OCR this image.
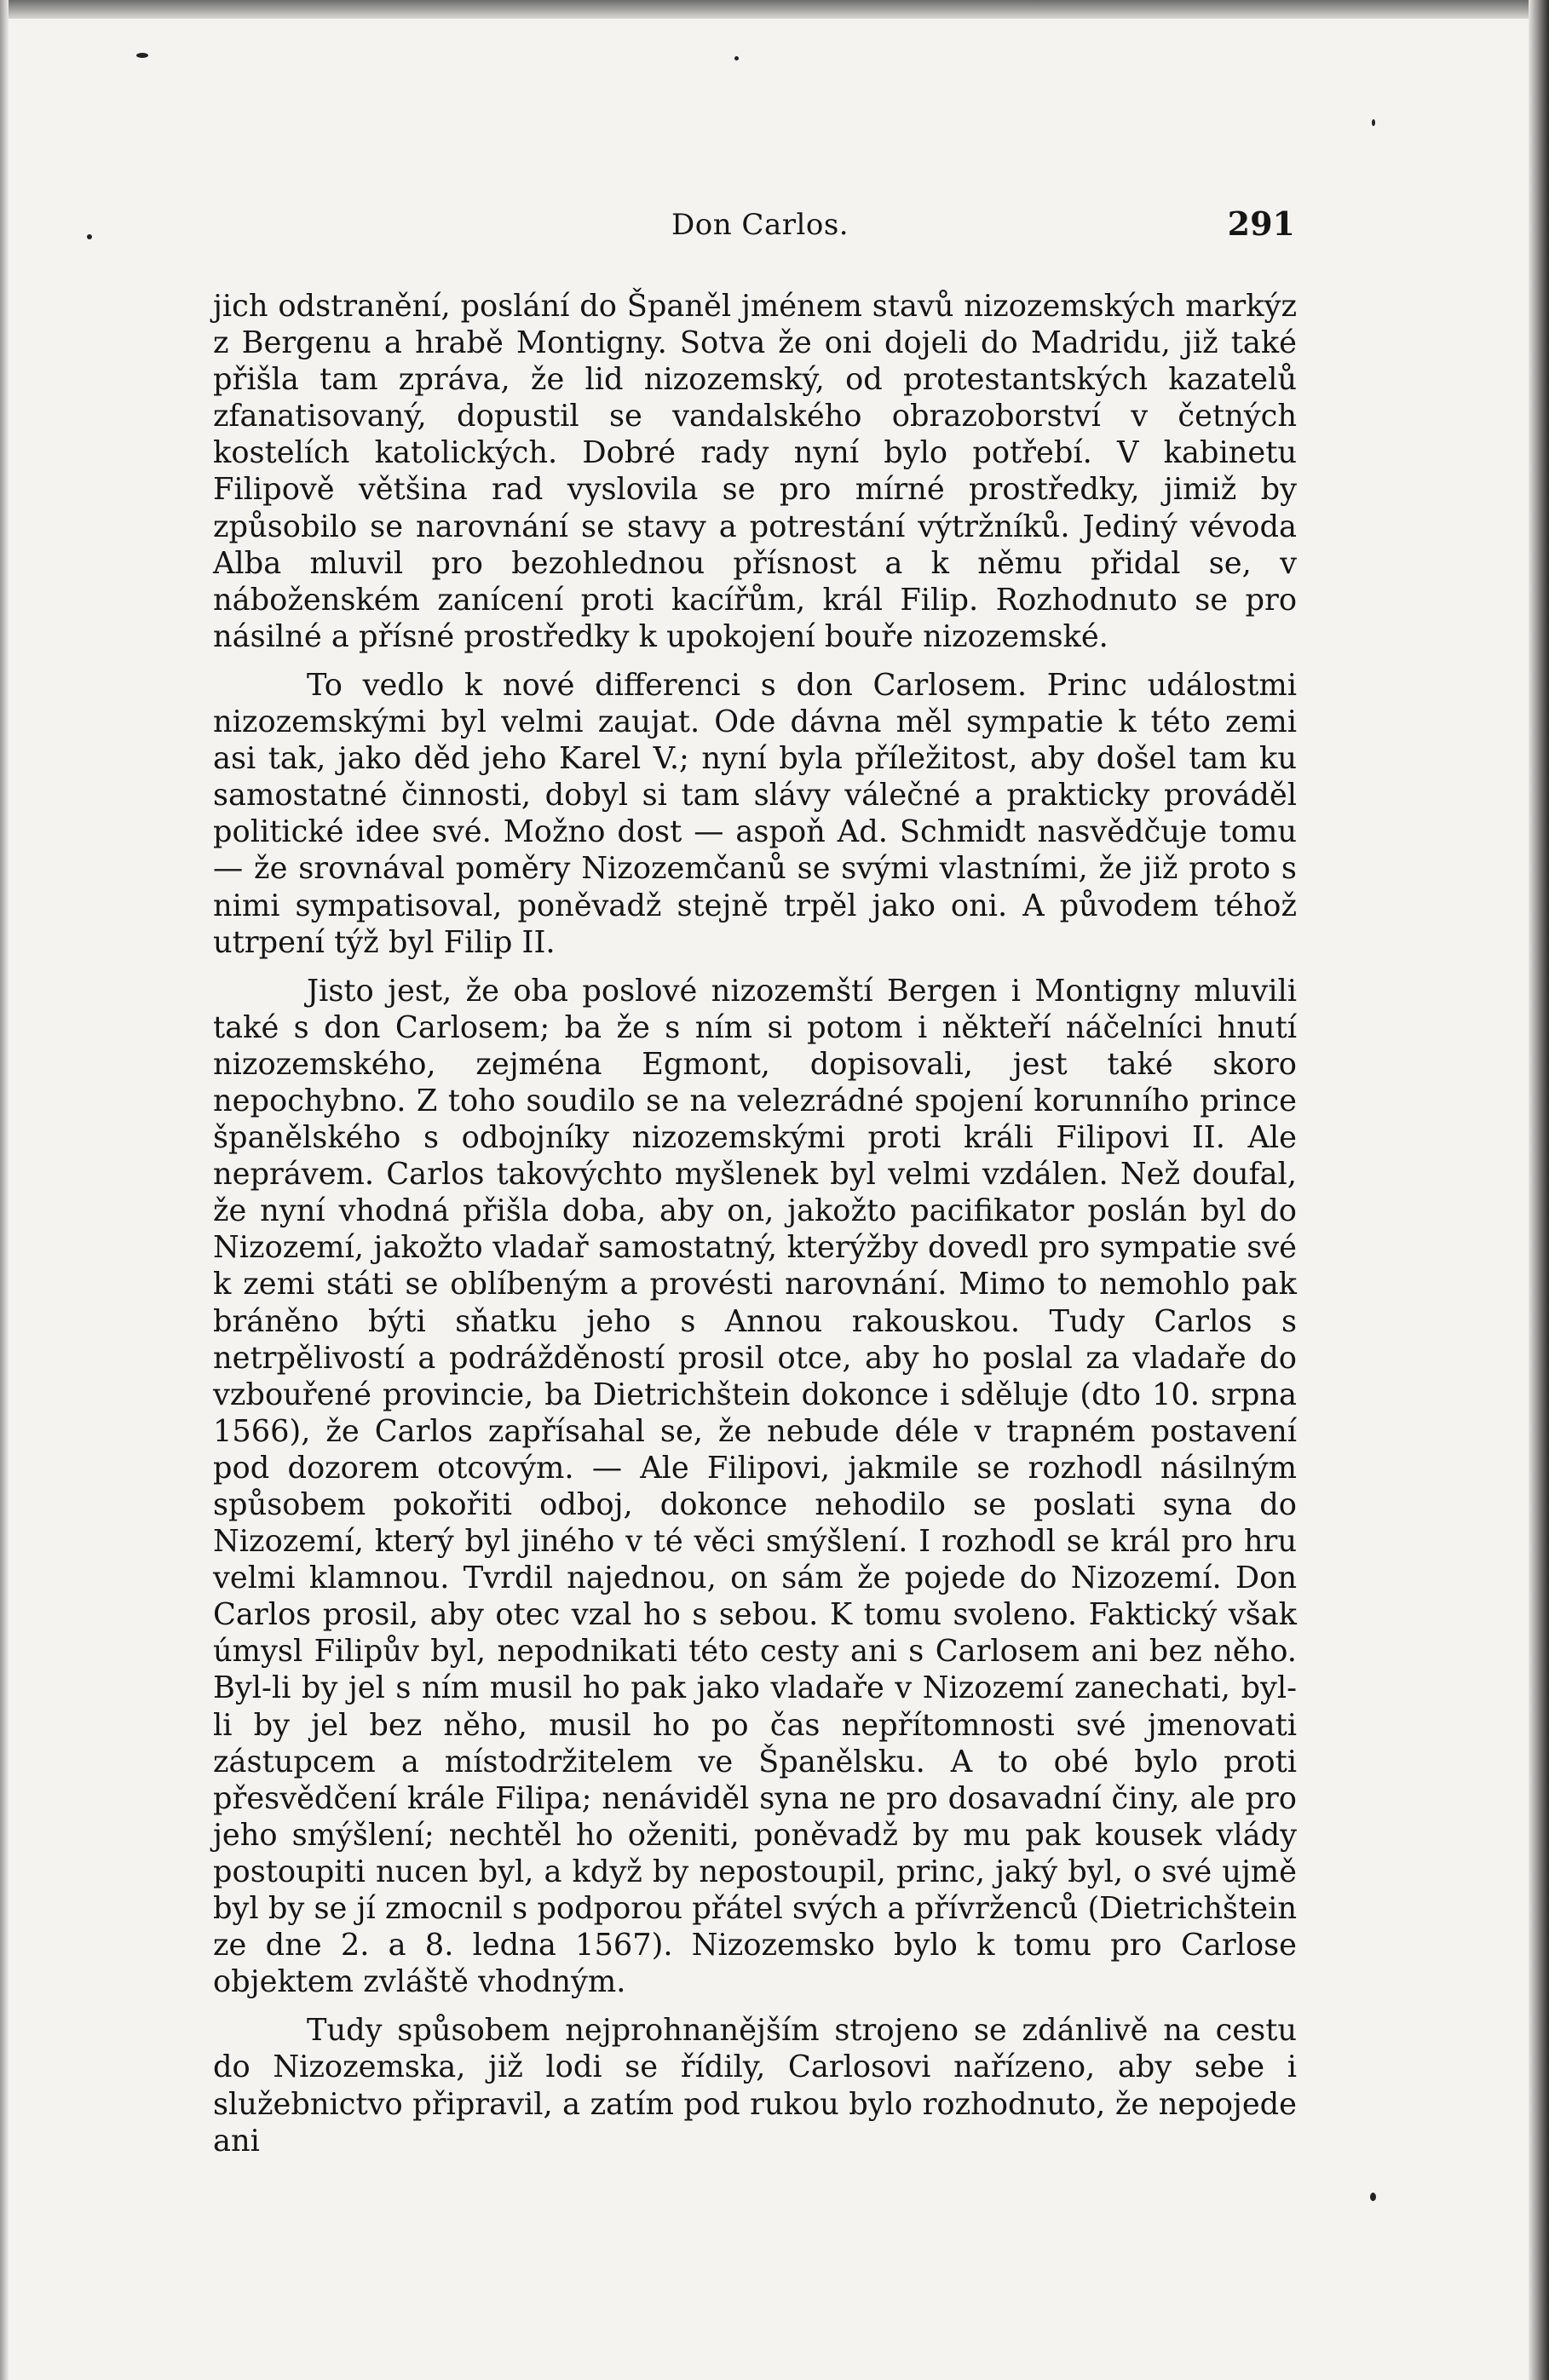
Don Carlos.	291

jich odstranění, poslání do Španěl jménem stavů nizozemských markýz z Bergenu a hrabě Montigny. Sotva že oni dojeli do Madridu, již také přišla tam zpráva, že lid nizozemský, od protestantských kazatelů zfanatisovaný, dopustil se vandalského obrazoborství v četných kostelích katolických. Dobré rady nyní bylo potřebí. V kabinetu Filipově většina rad vyslovila se pro mírné prostředky, jimiž by způsobilo se narovnání se stavy a potrestání výtržníků. Jediný vévoda Alba mluvil pro bezohlednou přísnost a k němu přidal se, v náboženském zanícení proti kacířům, král Filip. Rozhodnuto se pro násilné a přísné prostředky k upokojení bouře nizozemské.

To vedlo k nové differenci s don Carlosem. Princ událostmi nizozemskými byl velmi zaujat. Ode dávna měl sympatie k této zemi asi tak, jako děd jeho Karel V.; nyní byla příležitost, aby došel tam ku samostatné činnosti, dobyl si tam slávy válečné a prakticky prováděl politické idee své. Možno dost — aspoň Ad. Schmidt nasvědčuje tomu — že srovnával poměry Nizozemčanů se svými vlastními, že již proto s nimi sympatisoval, poněvadž stejně trpěl jako oni. A původem téhož utrpení týž byl Filip II.

Jisto jest, že oba poslové nizozemští Bergen i Montigny mluvili také s don Carlosem; ba že s ním si potom i někteří náčelníci hnutí nizozemského, zejména Egmont, dopisovali, jest také skoro nepochybno. Z toho soudilo se na velezrádné spojení korunního prince španělského s odbojníky nizozemskými proti králi Filipovi II. Ale neprávem. Carlos takovýchto myšlenek byl velmi vzdálen. Než doufal, že nyní vhodná přišla doba, aby on, jakožto pacifikator poslán byl do Nizozemí, jakožto vladař samostatný, kterýžby dovedl pro sympatie své k zemi státi se oblíbeným a provésti narovnání. Mimo to nemohlo pak bráněno býti sňatku jeho s Annou rakouskou. Tudy Carlos s netrpělivostí a podrážděností prosil otce, aby ho poslal za vladaře do vzbouřené provincie, ba Dietrichštein dokonce i sděluje (dto 10. srpna 1566), že Carlos zapřísahal se, že nebude déle v trapném postavení pod dozorem otcovým. — Ale Filipovi, jakmile se rozhodl násilným spůsobem pokořiti odboj, dokonce nehodilo se poslati syna do Nizozemí, který byl jiného v té věci smýšlení. I rozhodl se král pro hru velmi klamnou. Tvrdil najednou, on sám že pojede do Nizozemí. Don Carlos prosil, aby otec vzal ho s sebou. K tomu svoleno. Faktický však úmysl Filipův byl, nepodnikati této cesty ani s Carlosem ani bez něho. Byl-li by jel s ním musil ho pak jako vladaře v Nizozemí zanechati, byl-li by jel bez něho, musil ho po čas nepřítomnosti své jmenovati zástupcem a místodržitelem ve Španělsku. A to obé bylo proti přesvědčení krále Filipa; nenáviděl syna ne pro dosavadní činy, ale pro jeho smýšlení; nechtěl ho oženiti, poněvadž by mu pak kousek vlády postoupiti nucen byl, a když by nepostoupil, princ, jaký byl, o své ujmě byl by se jí zmocnil s podporou přátel svých a přívrženců (Dietrichštein ze dne 2. a 8. ledna 1567). Nizozemsko bylo k tomu pro Carlose objektem zvláště vhodným.

Tudy spůsobem nejprohnanějším strojeno se zdánlivě na cestu do Nizozemska, již lodi se řídily, Carlosovi nařízeno, aby sebe i služebnictvo připravil, a zatím pod rukou bylo rozhodnuto, že nepojede ani
